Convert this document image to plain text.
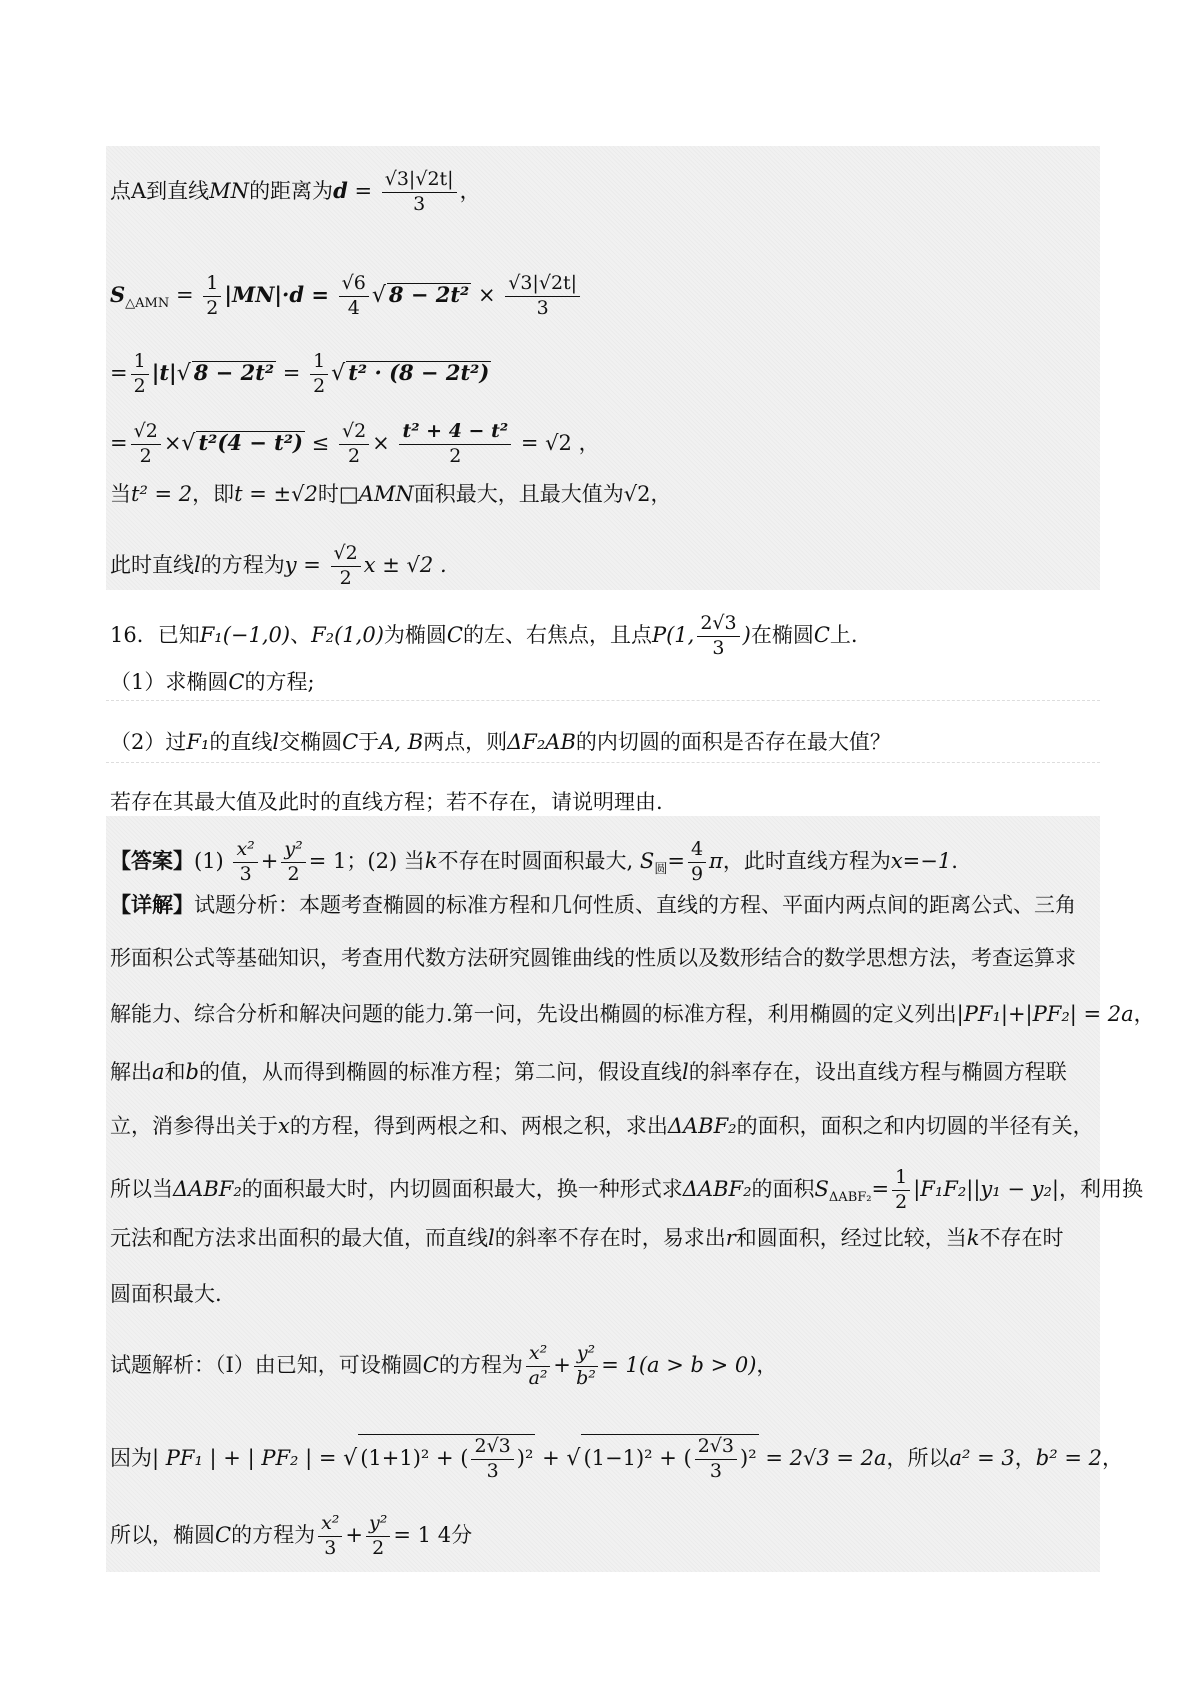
点A到直线MN的距离为$d = \frac{√3|√2t|}{3}$ ，
$S_{\triangle AMN} = \frac{1}{2} |MN|\cdot d = \frac{√6}{4}$ √ $8 - 2t^2 \times \frac{√3|√2t|}{3}$
= $\frac{1}{2} |t|√$ $8 - 2t^2 = \frac{1}{2}$ √ t² · (8 − 2t²)
= $\frac{√2}{2}$ ×√ $t^2(4 - t^2) \le \frac{√2}{2} \times \frac{\text{t² + 4 − t²}}{2} = √2$ ，
当t² = 2，即t = ±√2时□AMN面积最大，且最大值为√2，
此时直线l的方程为$y = \frac{√2}{2}$ x ± √2 .
16．已知F₁(−1,0)、F₂(1,0)为椭圆C的左、右焦点，且点P(1, $\frac{2√3}{3}$ )在椭圆C上.
（1）求椭圆C的方程;
（2）过F₁的直线l交椭圆C于A, B两点，则ΔF₂AB的内切圆的面积是否存在最大值？
若存在其最大值及此时的直线方程；若不存在，请说明理由.
【答案】$(1) \frac{\text{x²}}{3} + \frac{\text{y²}}{2} = 1$；(2) 当k不存在时圆面积最大, $S_圆= \frac{4}{9}$ π，此时直线方程为x=−1.
【详解】试题分析：本题考查椭圆的标准方程和几何性质、直线的方程、平面内两点间的距离公式、三角
形面积公式等基础知识，考查用代数方法研究圆锥曲线的性质以及数形结合的数学思想方法，考查运算求
解能力、综合分析和解决问题的能力.第一问，先设出椭圆的标准方程，利用椭圆的定义列出|PF₁|+|PF₂| = 2a，
解出a和b的值，从而得到椭圆的标准方程；第二问，假设直线l的斜率存在，设出直线方程与椭圆方程联
立，消参得出关于x的方程，得到两根之和、两根之积，求出ΔABF₂的面积，面积之和内切圆的半径有关，
所以当ΔABF₂的面积最大时，内切圆面积最大，换一种形式求ΔABF₂的面积$S_{\Delta ABF_2}= \frac{1}{2} |F_1F_2||y_1 - y_2|$，利用换
元法和配方法求出面积的最大值，而直线l的斜率不存在时，易求出r和圆面积，经过比较，当k不存在时
圆面积最大.
试题解析：（Ⅰ）由已知，可设椭圆C的方程为 $\frac{\text{x²}}{\text{a²}} + \frac{\text{y²}}{\text{b²}} = 1(a > b > 0)$，
因为| PF₁ | + | PF₂ | = √ (1+1)² + ( $\frac{2√3}{3} )^2$ + √ (1−1)² + ( $\frac{2√3}{3} )^2 = 2√3 = 2a$，所以a² = 3，b² = 2，
所以，椭圆C的方程为 $\frac{\text{x²}}{3} + \frac{\text{y²}}{2} = 1$ 4分
